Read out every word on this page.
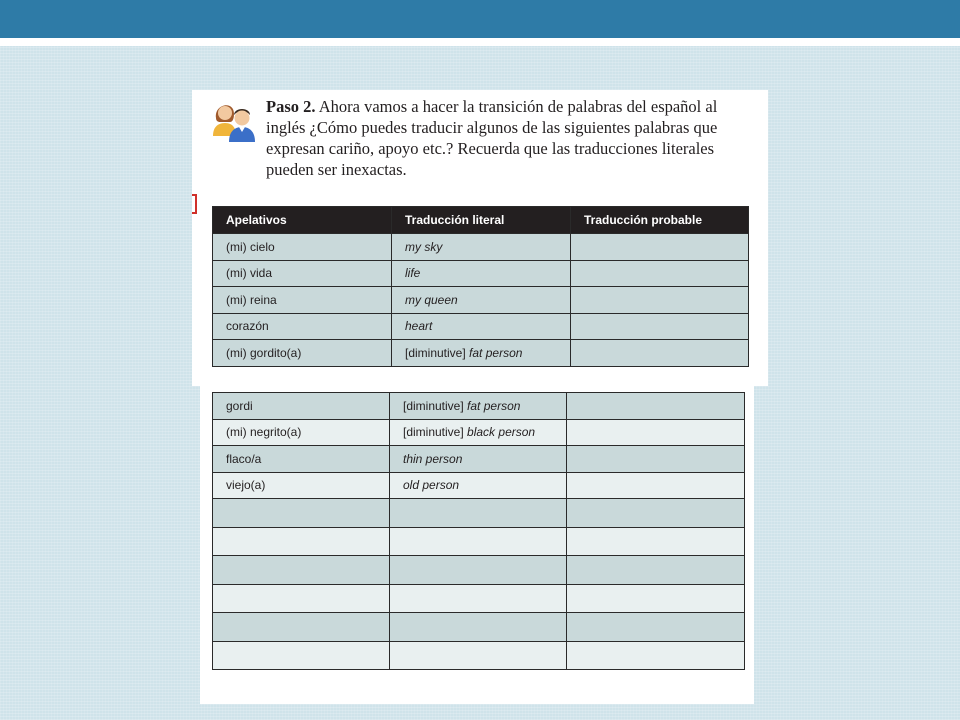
Paso 2. Ahora vamos a hacer la transición de palabras del español al inglés ¿Cómo puedes traducir algunos de las siguientes palabras que expresan cariño, apoyo etc.? Recuerda que las traducciones literales pueden ser inexactas.
Apelativos	Traducción literal	Traducción probable
(mi) cielo	my sky	
(mi) vida	life	
(mi) reina	my queen	
corazón	heart	
(mi) gordito(a)	[diminutive] fat person	
gordi	[diminutive] fat person	
(mi) negrito(a)	[diminutive] black person	
flaco/a	thin person	
viejo(a)	old person	
